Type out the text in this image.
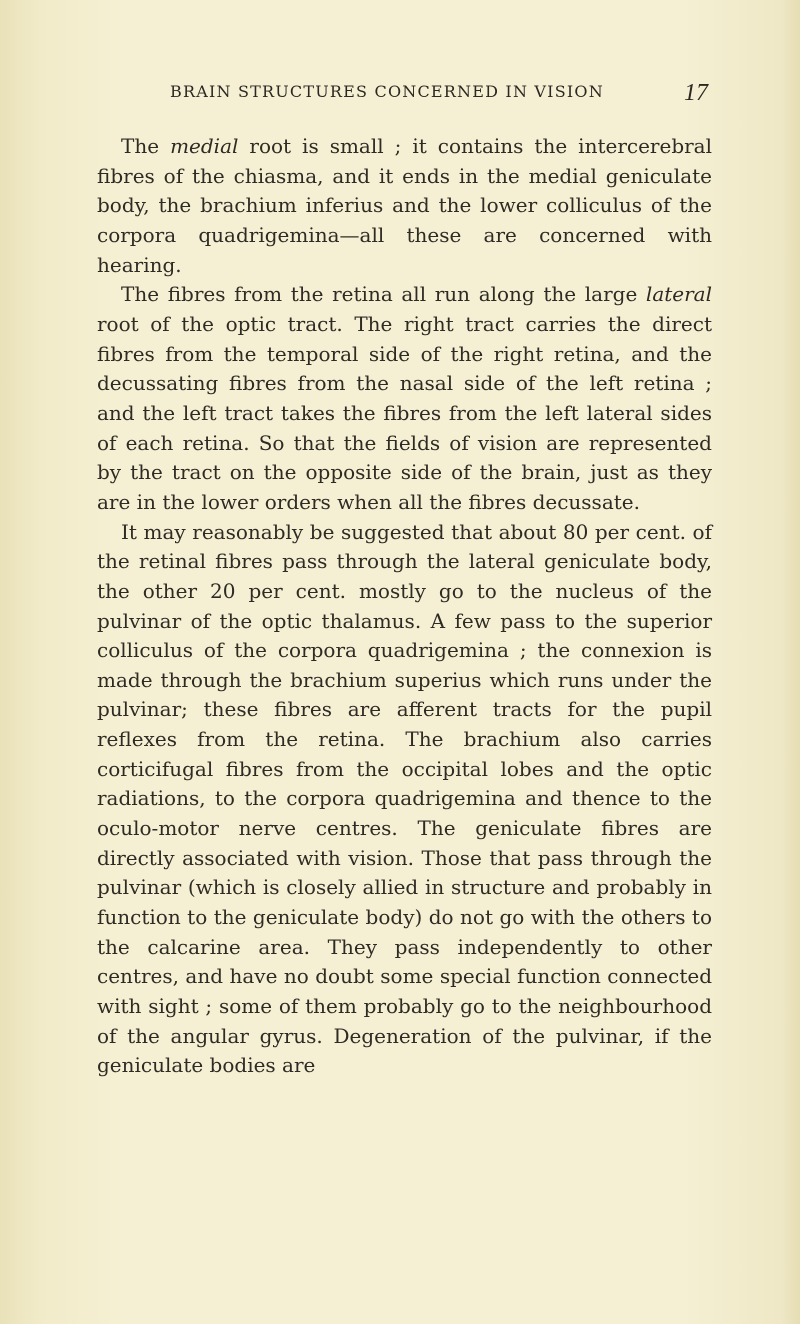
BRAIN STRUCTURES CONCERNED IN VISION	17

The medial root is small ; it contains the intercerebral fibres of the chiasma, and it ends in the medial geniculate body, the brachium inferius and the lower colliculus of the corpora quadrigemina—all these are concerned with hearing.

The fibres from the retina all run along the large lateral root of the optic tract. The right tract carries the direct fibres from the temporal side of the right retina, and the decussating fibres from the nasal side of the left retina ; and the left tract takes the fibres from the left lateral sides of each retina. So that the fields of vision are represented by the tract on the opposite side of the brain, just as they are in the lower orders when all the fibres decussate.

It may reasonably be suggested that about 80 per cent. of the retinal fibres pass through the lateral geniculate body, the other 20 per cent. mostly go to the nucleus of the pulvinar of the optic thalamus. A few pass to the superior colliculus of the corpora quadrigemina ; the connexion is made through the brachium superius which runs under the pulvinar; these fibres are afferent tracts for the pupil reflexes from the retina. The brachium also carries corticifugal fibres from the occipital lobes and the optic radiations, to the corpora quadrigemina and thence to the oculo-motor nerve centres. The geniculate fibres are directly associated with vision. Those that pass through the pulvinar (which is closely allied in structure and probably in function to the geniculate body) do not go with the others to the calcarine area. They pass independently to other centres, and have no doubt some special function connected with sight ; some of them probably go to the neighbourhood of the angular gyrus. Degeneration of the pulvinar, if the geniculate bodies are
